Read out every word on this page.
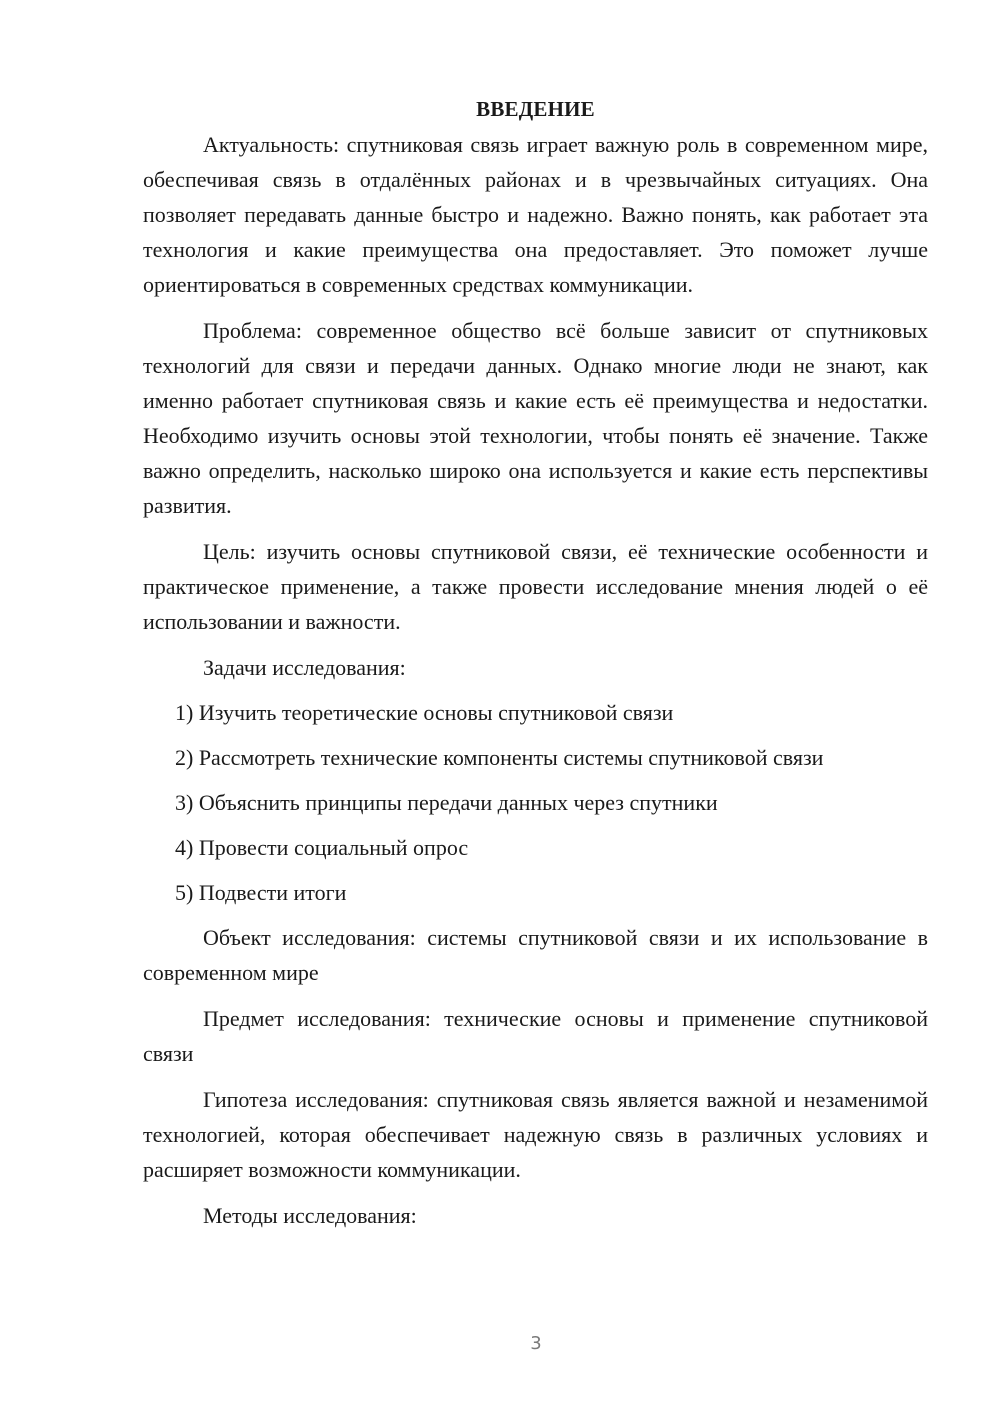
ВВЕДЕНИЕ

Актуальность: спутниковая связь играет важную роль в современном мире, обеспечивая связь в отдалённых районах и в чрезвычайных ситуациях. Она позволяет передавать данные быстро и надежно. Важно понять, как работает эта технология и какие преимущества она предоставляет. Это поможет лучше ориентироваться в современных средствах коммуникации.

Проблема: современное общество всё больше зависит от спутниковых технологий для связи и передачи данных. Однако многие люди не знают, как именно работает спутниковая связь и какие есть её преимущества и недостатки. Необходимо изучить основы этой технологии, чтобы понять её значение. Также важно определить, насколько широко она используется и какие есть перспективы развития.

Цель: изучить основы спутниковой связи, её технические особенности и практическое применение, а также провести исследование мнения людей о её использовании и важности.

Задачи исследования:

1) Изучить теоретические основы спутниковой связи
2) Рассмотреть технические компоненты системы спутниковой связи
3) Объяснить принципы передачи данных через спутники
4) Провести социальный опрос
5) Подвести итоги

Объект исследования: системы спутниковой связи и их использование в современном мире

Предмет исследования: технические основы и применение спутниковой связи

Гипотеза исследования: спутниковая связь является важной и незаменимой технологией, которая обеспечивает надежную связь в различных условиях и расширяет возможности коммуникации.

Методы исследования:

3
